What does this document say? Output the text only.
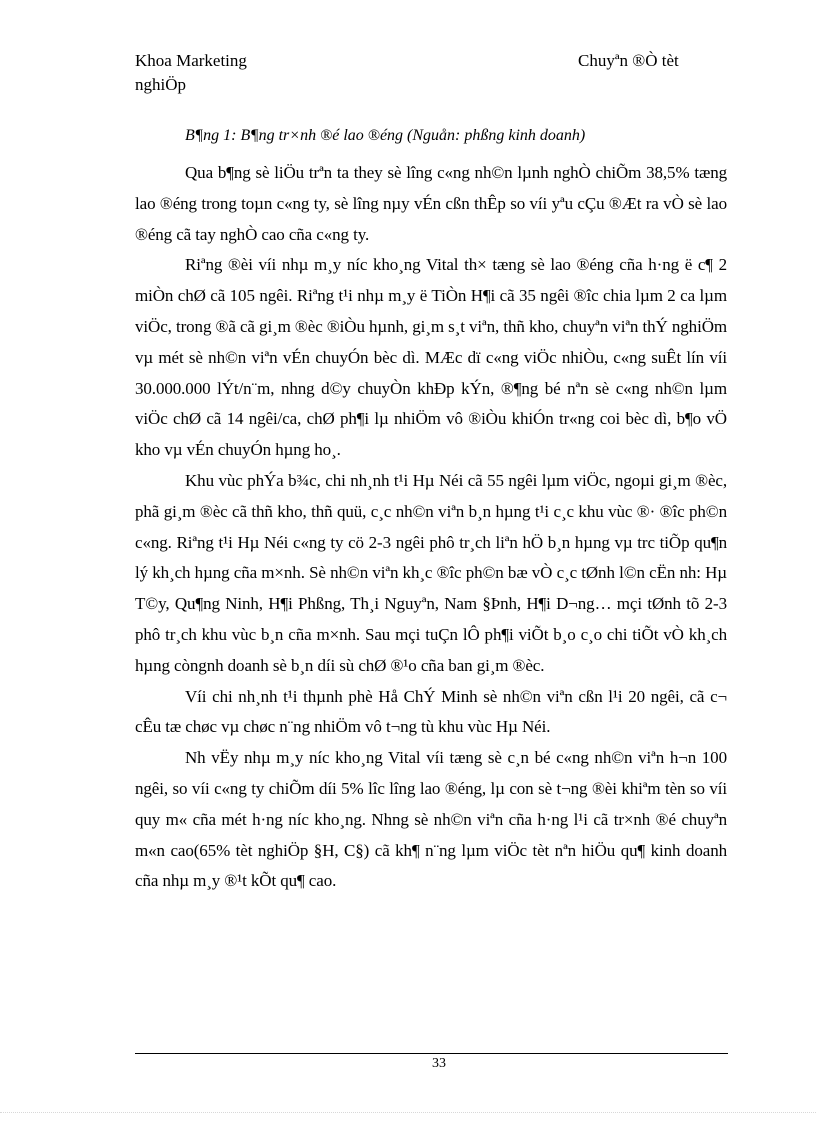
Khoa Marketing
nghiÖp
Chuyªn ®Ò tèt
B¶ng 1: B¶ng tr×nh ®é lao ®éng (Nguån: phßng kinh doanh)

Qua b¶ng sè liÖu trªn ta they sè lîng c«ng nh©n lµnh nghÒ chiÕm 38,5% tæng lao ®éng trong toµn c«ng ty, sè lîng nµy vÉn cßn thÊp so víi yªu cÇu ®Æt ra vÒ sè lao ®éng cã tay nghÒ cao cña c«ng ty.

Riªng ®èi víi nhµ m¸y níc kho¸ng Vital th× tæng sè lao ®éng cña h·ng ë c¶ 2 miÒn chØ cã 105 ngêi. Riªng t¹i nhµ m¸y ë TiÒn H¶i cã 35 ngêi ®îc chia lµm 2 ca lµm viÖc, trong ®ã cã gi¸m ®èc ®iÒu hµnh, gi¸m s¸t viªn, thñ kho, chuyªn viªn thÝ nghiÖm vµ mét sè nh©n viªn vÉn chuyÓn bèc dì. MÆc dï c«ng viÖc nhiÒu, c«ng suÊt lín víi 30.000.000 lÝt/n¨m, nhng d©y chuyÒn khÐp kÝn, ®¶ng bé nªn sè c«ng nh©n lµm viÖc chØ cã 14 ngêi/ca, chØ ph¶i lµ nhiÖm vô ®iÒu khiÓn tr«ng coi bèc dì, b¶o vÖ kho vµ vÉn chuyÓn hµng ho¸.

Khu vùc phÝa b¾c, chi nh¸nh t¹i Hµ Néi cã 55 ngêi lµm viÖc, ngoµi gi¸m ®èc, phã gi¸m ®èc cã thñ kho, thñ quü, c¸c nh©n viªn b¸n hµng t¹i c¸c khu vùc ®· ®îc ph©n c«ng. Riªng t¹i Hµ Néi c«ng ty cö 2-3 ngêi phô tr¸ch liªn hÖ b¸n hµng vµ trc tiÕp qu¶n lý kh¸ch hµng cña m×nh. Sè nh©n viªn kh¸c ®îc ph©n bæ vÒ c¸c tØnh l©n cËn nh: Hµ T©y, Qu¶ng Ninh, H¶i Phßng, Th¸i Nguyªn, Nam §Þnh, H¶i D¬ng… mçi tØnh tõ 2-3 phô tr¸ch khu vùc b¸n cña m×nh. Sau mçi tuÇn lÔ ph¶i viÕt b¸o c¸o chi tiÕt vÒ kh¸ch hµng còngnh doanh sè b¸n díi sù chØ ®¹o cña ban gi¸m ®èc.

Víi chi nh¸nh t¹i thµnh phè Hå ChÝ Minh sè nh©n viªn cßn l¹i 20 ngêi, cã c¬ cÊu tæ chøc vµ chøc n¨ng nhiÖm vô t¬ng tù khu vùc Hµ Néi.

Nh vËy nhµ m¸y níc kho¸ng Vital víi tæng sè c¸n bé c«ng nh©n viªn h¬n 100 ngêi, so víi c«ng ty chiÕm díi 5% lîc lîng lao ®éng, lµ con sè t¬ng ®èi khiªm tèn so víi quy m« cña mét h·ng níc kho¸ng. Nhng sè nh©n viªn cña h·ng l¹i cã tr×nh ®é chuyªn m«n cao(65% tèt nghiÖp §H, C§) cã kh¶ n¨ng lµm viÖc tèt nªn hiÖu qu¶ kinh doanh cña nhµ m¸y ®¹t kÕt qu¶ cao.

33
